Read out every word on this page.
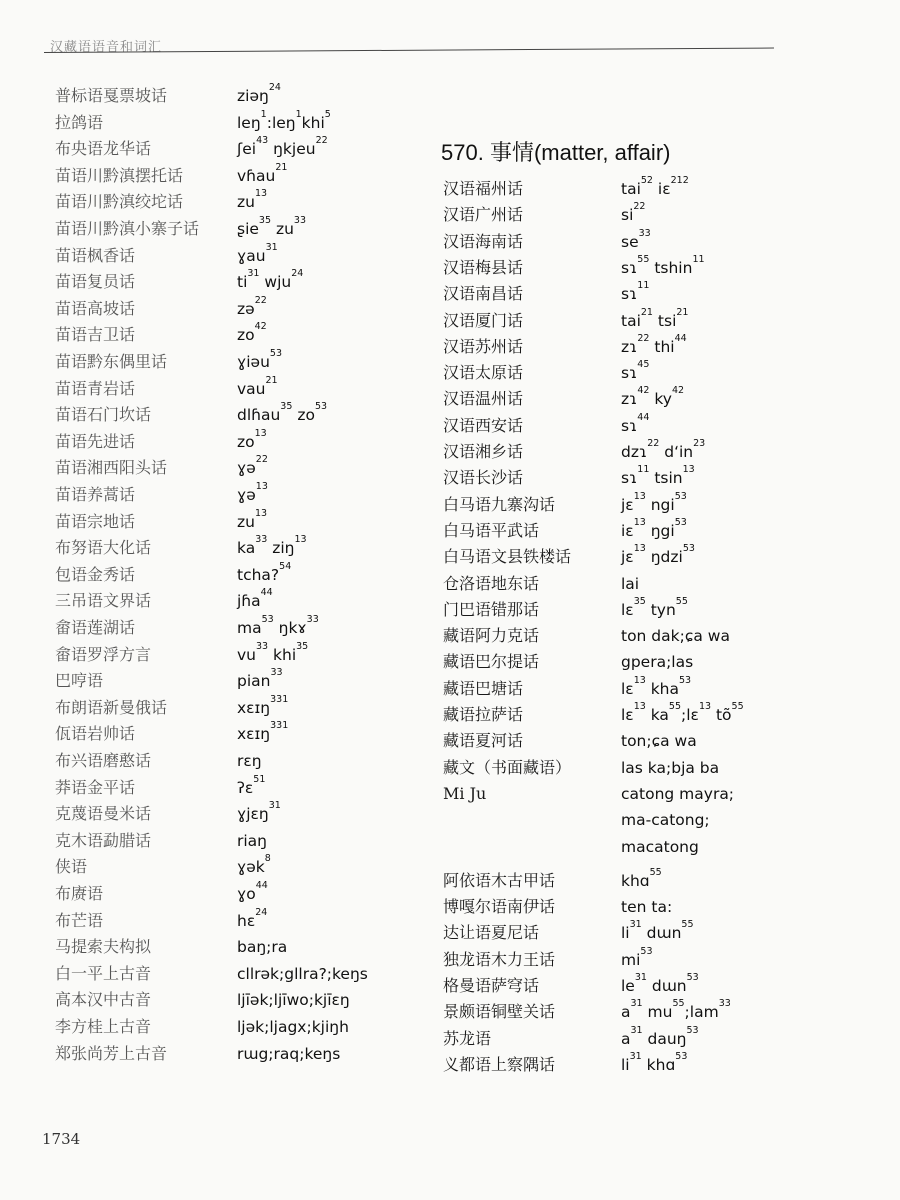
汉藏语语音和词汇
普标语戛票坡话	ziəŋ$^{24}$
拉鸽语	leŋ$^1$:leŋ$^1$khi$^5$
布央语龙华话	ʃei$^{43}$ ŋkjeu$^{22}$
苗语川黔滇摆托话	vɦau$^{21}$
苗语川黔滇绞坨话	$zu^{13}$
苗语川黔滇小寨子话 ʂie$^{35}$ $zu^{33}$
苗语枫香话	ɣau$^{31}$
苗语复员话	$ti^{31}$ wju$^{24}$
苗语高坡话	zə$^{22}$
苗语吉卫话	$zo^{42}$
苗语黔东偶里话	ɣiəu$^{53}$
苗语青岩话	vau$^{21}$
苗语石门坎话	dlɦau$^{35}$ $zo^{53}$
苗语先进话	$zo^{13}$
苗语湘西阳头话	ɣə$^{22}$
苗语养蒿话	ɣə$^{13}$
苗语宗地话	$zu^{13}$
布努语大化话	$ka^{33}$ ziŋ$^{13}$
包语金秀话	tcha?$^{54}$
三吊语文界话	jɦa$^{44}$
畲语莲湖话	$ma^{53}$ ŋkɤ$^{33}$
畲语罗浮方言	$vu^{33}$ khi$^{35}$
巴哼语	pian$^{33}$
布朗语新曼俄话	xɛɪŋ$^{331}$
佤语岩帅话	xɛɪŋ$^{331}$
布兴语磨憨话	rɛŋ
莽语金平话	ʔɛ$^{51}$
克蔑语曼米话	ɣjɛŋ$^{31}$
克木语勐腊话	riaŋ
侠语	ɣək$^8$
布赓语	ɣo$^{44}$
布芒语	hɛ$^{24}$
马提索夫构拟	baŋ;ra
白一平上古音	cllrək;gllra?;keŋs
高本汉中古音	ljīək;ljīwo;kjīɛŋ
李方桂上古音	ljək;ljagx;kjiŋh
郑张尚芳上古音	rɯg;raq;keŋs
570. 事情(matter, affair)
汉语福州话	tai$^{52}$ iɛ$^{212}$
汉语广州话	$si^{22}$
汉语海南话	$se^{33}$
汉语梅县话	sɿ$^{55}$ tshin$^{11}$
汉语南昌话	sɿ$^{11}$
汉语厦门话	tai$^{21}$ tsi$^{21}$
汉语苏州话	zɿ$^{22}$ thi$^{44}$
汉语太原话	sɿ$^{45}$
汉语温州话	zɿ$^{42}$ $ky^{42}$
汉语西安话	sɿ$^{44}$
汉语湘乡话	dzɿ$^{22}$ dʻin$^{23}$
汉语长沙话	sɿ$^{11}$ tsin$^{13}$
白马语九寨沟话	jɛ$^{13}$ ngi$^{53}$
白马语平武话	iɛ$^{13}$ ŋgi$^{53}$
白马语文县铁楼话	jɛ$^{13}$ ŋdzi$^{53}$
仓洛语地东话	lai
门巴语错那话	lɛ$^{35}$ tyn$^{55}$
藏语阿力克话	ton dak;ɕa wa
藏语巴尔提话	gpera;las
藏语巴塘话	lɛ$^{13}$ kha$^{53}$
藏语拉萨话	lɛ$^{13}$ $ka^{55};lɛ^{13}$ $tõ^{55}$
藏语夏河话	ton;ɕa wa
藏文（书面藏语）	las ka;bja ba
Mi Ju	catong mayra;
ma-catong;
macatong
阿依语木古甲话	khɑ$^{55}$
博嘎尔语南伊话	ten ta:
达让语夏尼话	$li^{31}$ dɯn$^{55}$
独龙语木力王话	$mi^{53}$
格曼语萨穹话	$le^{31}$ dɯn$^{53}$
景颇语铜壁关话	$a^{31}$ $mu^{55};lam^{33}$
苏龙语	$a^{31}$ dauŋ$^{53}$
义都语上察隅话	$li^{31}$ khɑ$^{53}$
1734
